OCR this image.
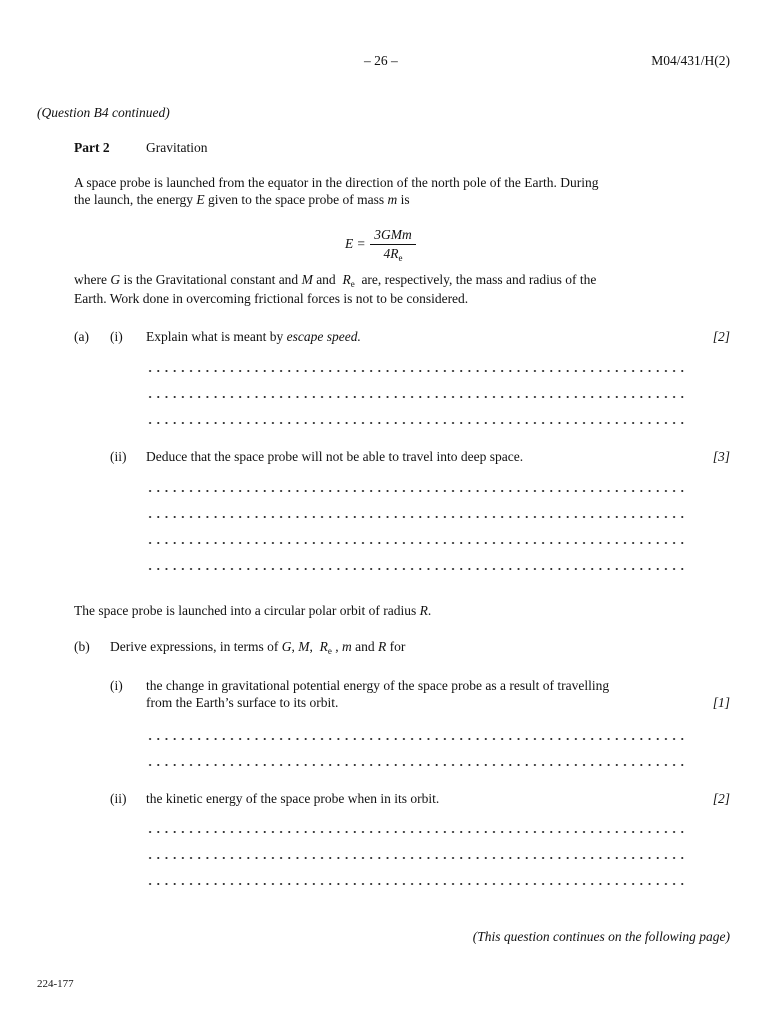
– 26 –	M04/431/H(2)
(Question B4 continued)
Part 2	Gravitation
A space probe is launched from the equator in the direction of the north pole of the Earth. During
the launch, the energy E given to the space probe of mass m is
E =
3GMm
$4R_e$
where G is the Gravitational constant and M and  $R_e$  are, respectively, the mass and radius of the
Earth. Work done in overcoming frictional forces is not to be considered.
(a) (i) Explain what is meant by escape speed.	[2]
(ii) Deduce that the space probe will not be able to travel into deep space.	[3]
The space probe is launched into a circular polar orbit of radius R.
(b) Derive expressions, in terms of G, M,  $R_e$ , m and R for
(i) the change in gravitational potential energy of the space probe as a result of travelling
from the Earth’s surface to its orbit.	[1]
(ii) the kinetic energy of the space probe when in its orbit.	[2]
(This question continues on the following page)
224-177
